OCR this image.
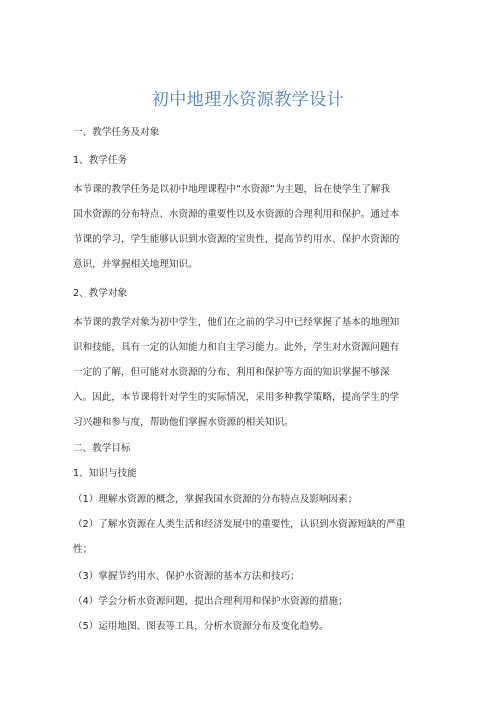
初中地理水资源教学设计
一、教学任务及对象
1、教学任务
本节课的教学任务是以初中地理课程中“水资源”为主题，旨在使学生了解我
国水资源的分布特点、水资源的重要性以及水资源的合理利用和保护。通过本
节课的学习，学生能够认识到水资源的宝贵性，提高节约用水、保护水资源的
意识，并掌握相关地理知识。
2、教学对象
本节课的教学对象为初中学生，他们在之前的学习中已经掌握了基本的地理知
识和技能，具有一定的认知能力和自主学习能力。此外，学生对水资源问题有
一定的了解，但可能对水资源的分布、利用和保护等方面的知识掌握不够深
入。因此，本节课将针对学生的实际情况，采用多种教学策略，提高学生的学
习兴趣和参与度，帮助他们掌握水资源的相关知识。
二、教学目标
1、知识与技能
（1）理解水资源的概念，掌握我国水资源的分布特点及影响因素；
（2）了解水资源在人类生活和经济发展中的重要性，认识到水资源短缺的严重
性；
（3）掌握节约用水、保护水资源的基本方法和技巧；
（4）学会分析水资源问题，提出合理利用和保护水资源的措施；
（5）运用地图、图表等工具，分析水资源分布及变化趋势。
